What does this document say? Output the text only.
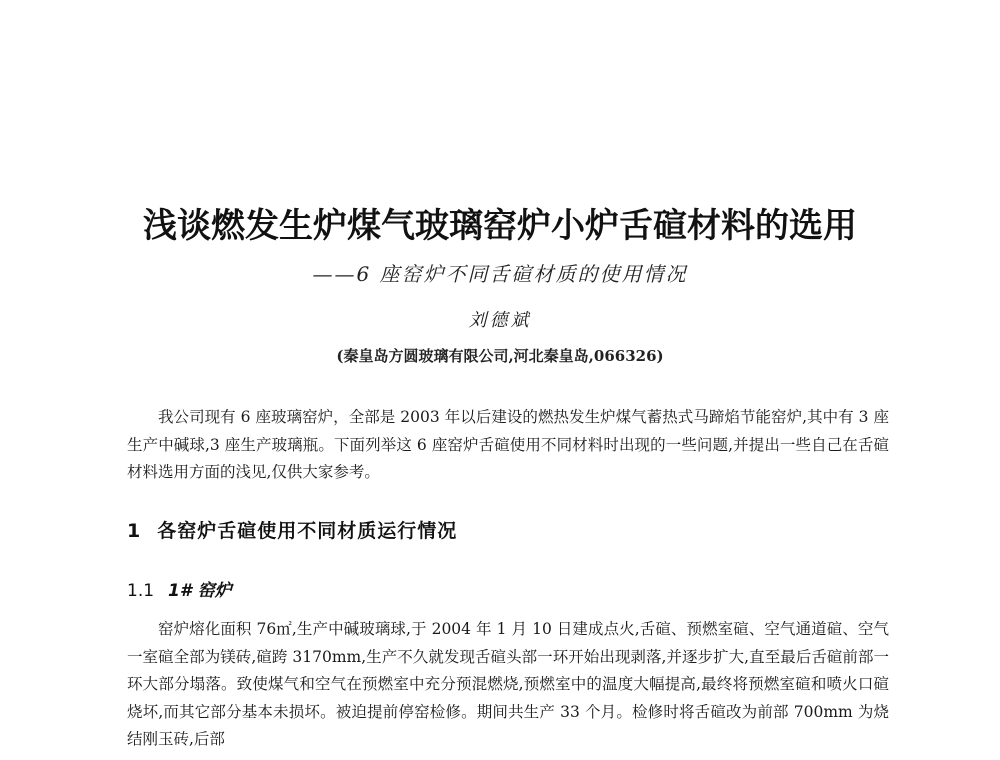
浅谈燃发生炉煤气玻璃窑炉小炉舌碹材料的选用
——6 座窑炉不同舌碹材质的使用情况
刘德斌
(秦皇岛方圆玻璃有限公司,河北秦皇岛,066326)

我公司现有 6 座玻璃窑炉，全部是 2003 年以后建设的燃热发生炉煤气蓄热式马蹄焰节能窑炉,其中有 3 座生产中碱球,3 座生产玻璃瓶。下面列举这 6 座窑炉舌碹使用不同材料时出现的一些问题,并提出一些自己在舌碹材料选用方面的浅见,仅供大家参考。

1 各窑炉舌碹使用不同材质运行情况
1.1 1# 窑炉

窑炉熔化面积 76㎡,生产中碱玻璃球,于 2004 年 1 月 10 日建成点火,舌碹、预燃室碹、空气通道碹、空气一室碹全部为镁砖,碹跨 3170mm,生产不久就发现舌碹头部一环开始出现剥落,并逐步扩大,直至最后舌碹前部一环大部分塌落。致使煤气和空气在预燃室中充分预混燃烧,预燃室中的温度大幅提高,最终将预燃室碹和喷火口碹烧坏,而其它部分基本未损坏。被迫提前停窑检修。期间共生产 33 个月。检修时将舌碹改为前部 700mm 为烧结刚玉砖,后部
